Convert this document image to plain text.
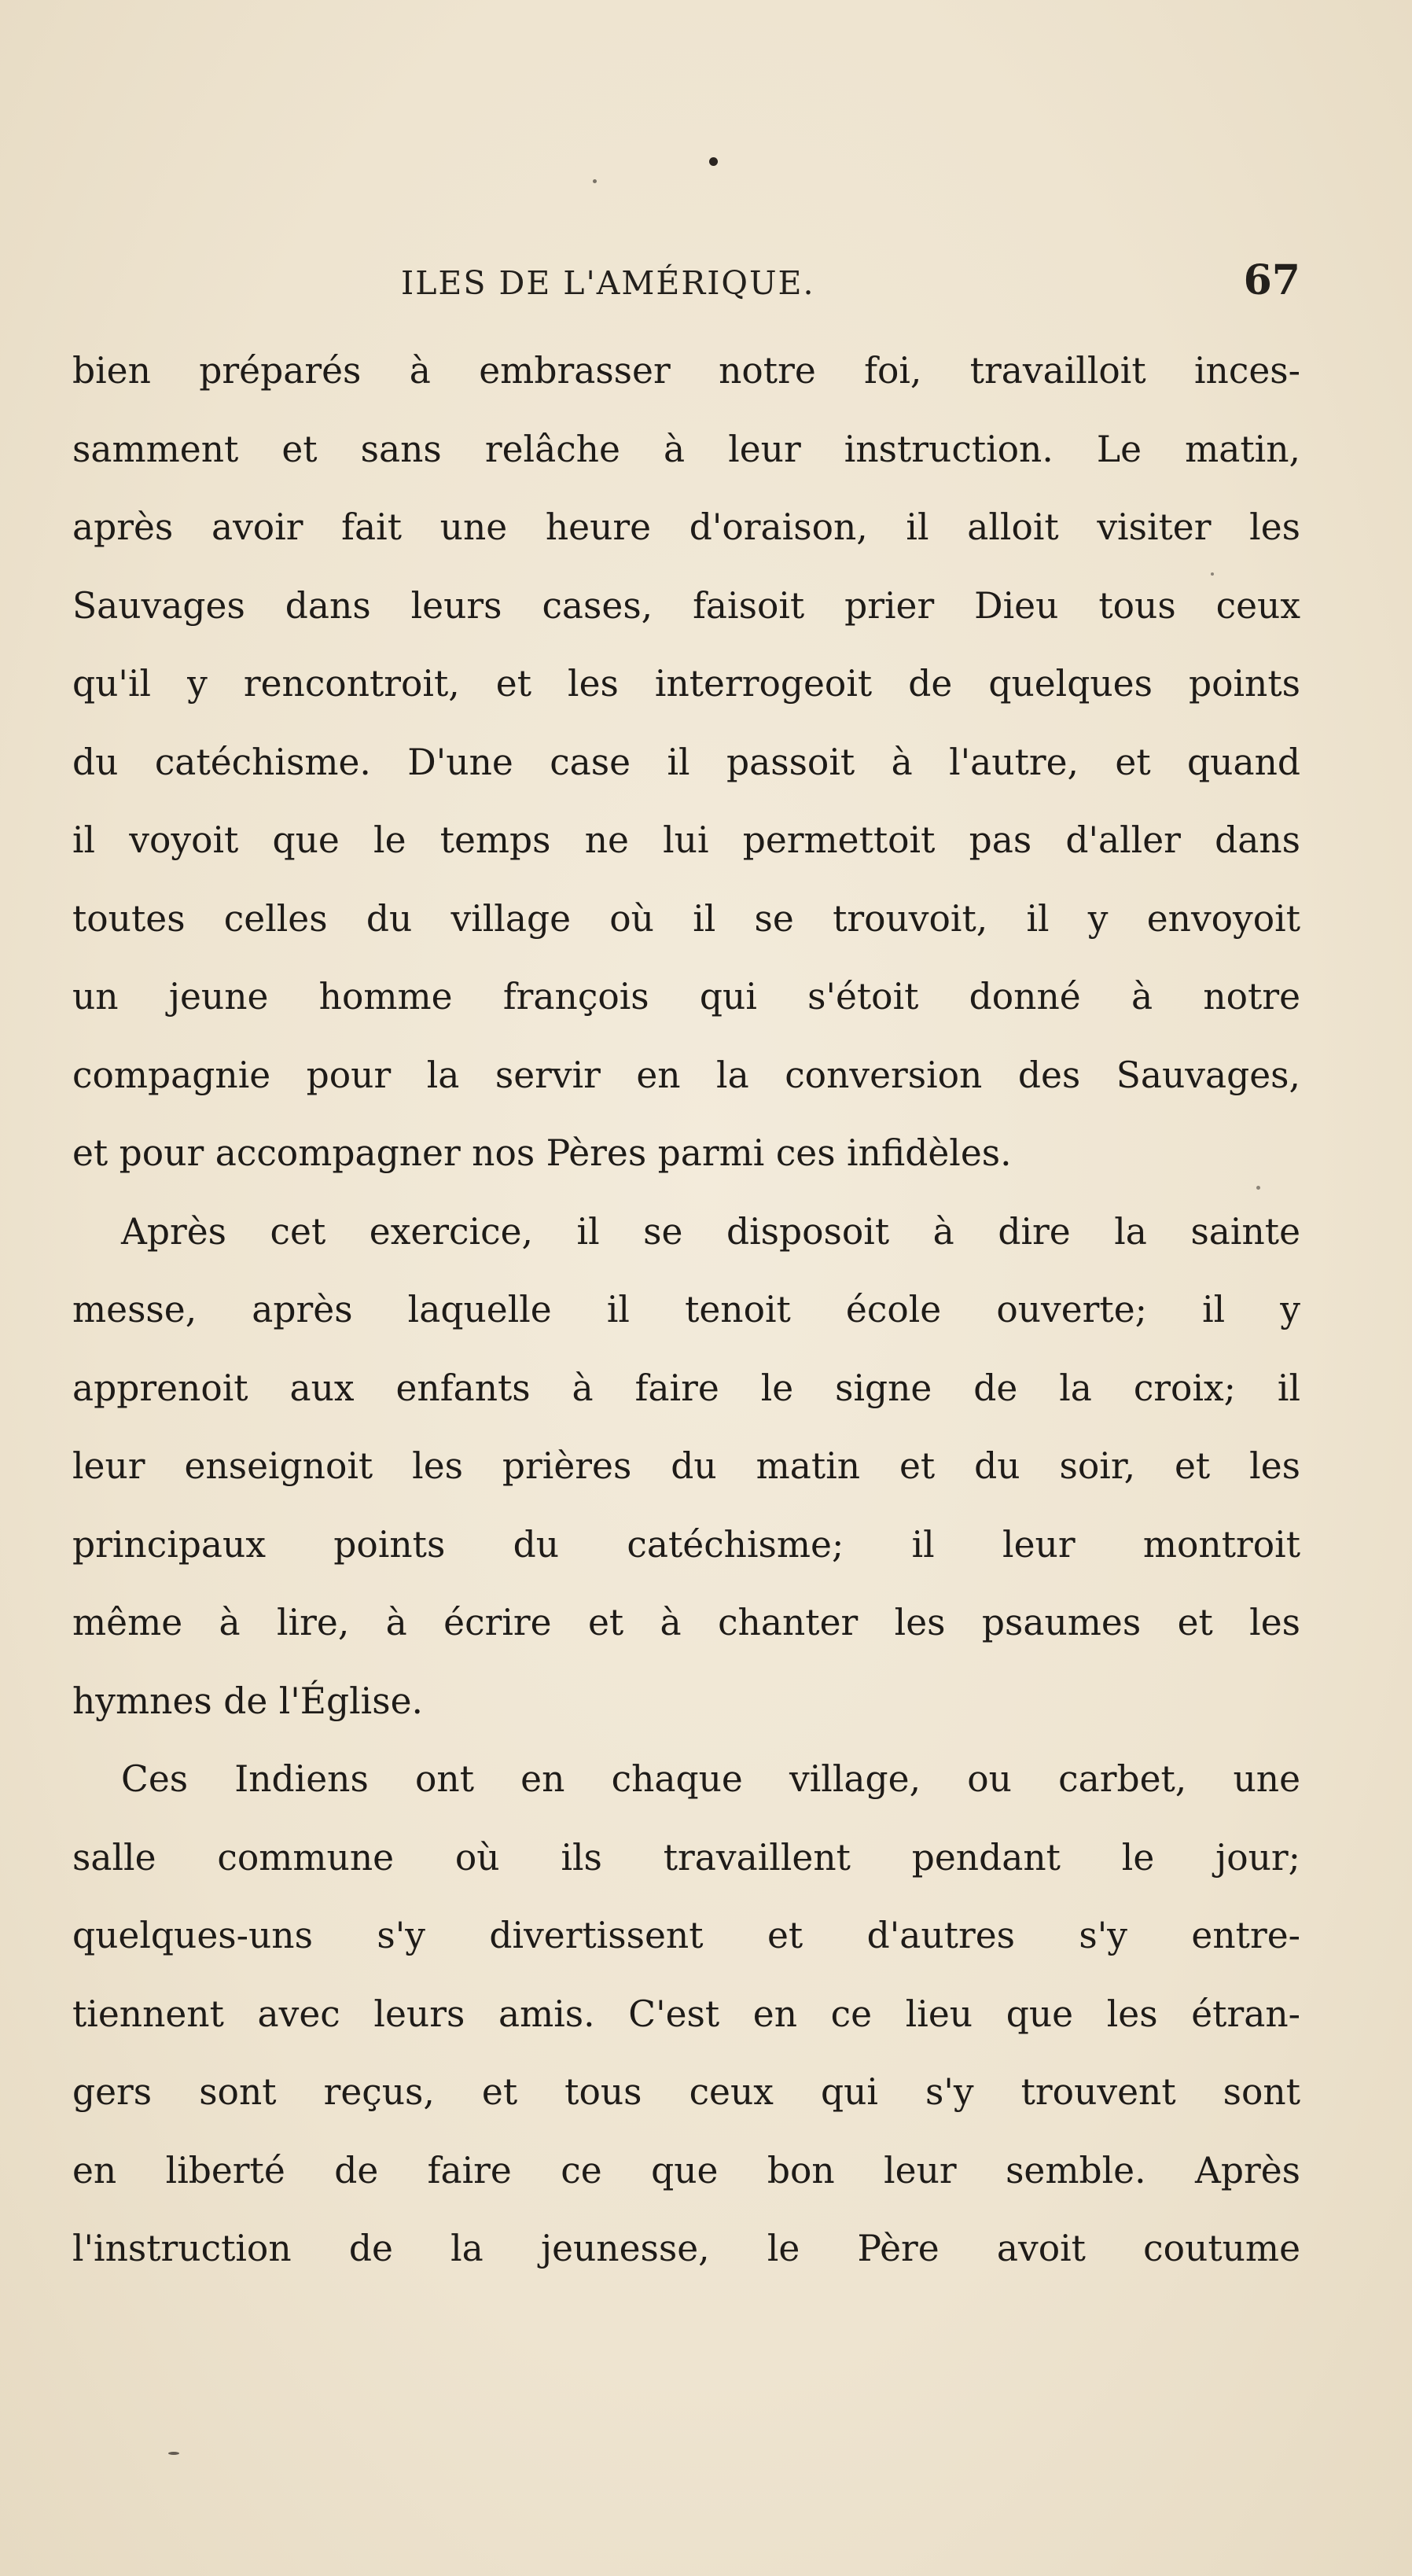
ILES DE L'AMÉRIQUE.	67

bien préparés à embrasser notre foi, travailloit inces-
samment et sans relâche à leur instruction. Le matin,
après avoir fait une heure d'oraison, il alloit visiter les
Sauvages dans leurs cases, faisoit prier Dieu tous ceux
qu'il y rencontroit, et les interrogeoit de quelques points
du catéchisme. D'une case il passoit à l'autre, et quand
il voyoit que le temps ne lui permettoit pas d'aller dans
toutes celles du village où il se trouvoit, il y envoyoit
un jeune homme françois qui s'étoit donné à notre
compagnie pour la servir en la conversion des Sauvages,
et pour accompagner nos Pères parmi ces infidèles.

Après cet exercice, il se disposoit à dire la sainte
messe, après laquelle il tenoit école ouverte; il y
apprenoit aux enfants à faire le signe de la croix; il
leur enseignoit les prières du matin et du soir, et les
principaux points du catéchisme; il leur montroit
même à lire, à écrire et à chanter les psaumes et les
hymnes de l'Église.

Ces Indiens ont en chaque village, ou carbet, une
salle commune où ils travaillent pendant le jour;
quelques-uns s'y divertissent et d'autres s'y entre-
tiennent avec leurs amis. C'est en ce lieu que les étran-
gers sont reçus, et tous ceux qui s'y trouvent sont
en liberté de faire ce que bon leur semble. Après
l'instruction de la jeunesse, le Père avoit coutume
